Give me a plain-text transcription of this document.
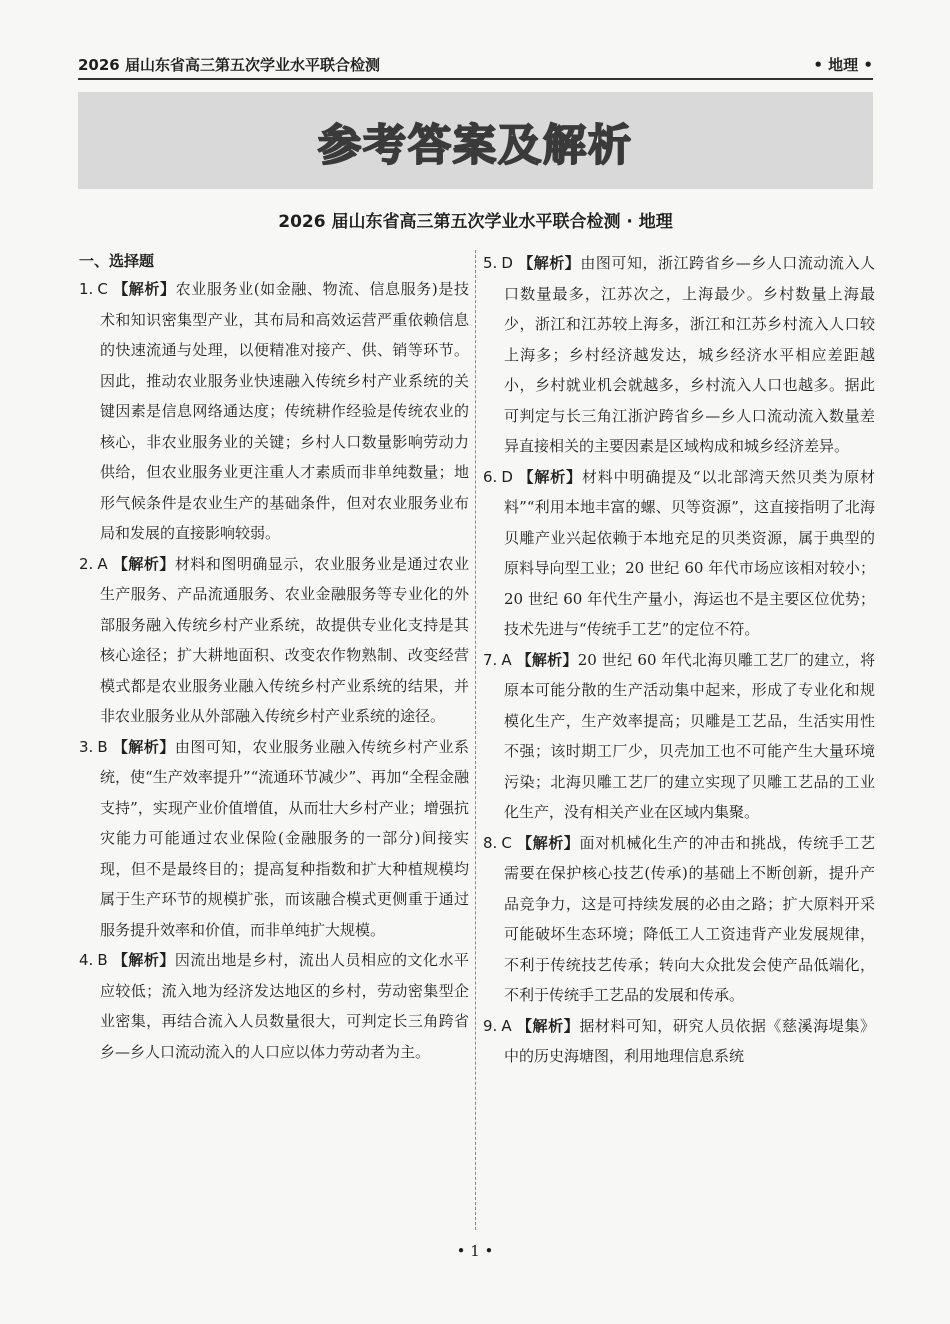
2026 届山东省高三第五次学业水平联合检测	• 地理 •
参考答案及解析
2026 届山东省高三第五次学业水平联合检测 · 地理
一、选择题
1. C 【解析】农业服务业(如金融、物流、信息服务)是技术和知识密集型产业，其布局和高效运营严重依赖信息的快速流通与处理，以便精准对接产、供、销等环节。因此，推动农业服务业快速融入传统乡村产业系统的关键因素是信息网络通达度；传统耕作经验是传统农业的核心，非农业服务业的关键；乡村人口数量影响劳动力供给，但农业服务业更注重人才素质而非单纯数量；地形气候条件是农业生产的基础条件，但对农业服务业布局和发展的直接影响较弱。
2. A 【解析】材料和图明确显示，农业服务业是通过农业生产服务、产品流通服务、农业金融服务等专业化的外部服务融入传统乡村产业系统，故提供专业化支持是其核心途径；扩大耕地面积、改变农作物熟制、改变经营模式都是农业服务业融入传统乡村产业系统的结果，并非农业服务业从外部融入传统乡村产业系统的途径。
3. B 【解析】由图可知，农业服务业融入传统乡村产业系统，使“生产效率提升”“流通环节减少”、再加“全程金融支持”，实现产业价值增值，从而壮大乡村产业；增强抗灾能力可能通过农业保险(金融服务的一部分)间接实现，但不是最终目的；提高复种指数和扩大种植规模均属于生产环节的规模扩张，而该融合模式更侧重于通过服务提升效率和价值，而非单纯扩大规模。
4. B 【解析】因流出地是乡村，流出人员相应的文化水平应较低；流入地为经济发达地区的乡村，劳动密集型企业密集，再结合流入人员数量很大，可判定长三角跨省乡—乡人口流动流入的人口应以体力劳动者为主。
5. D 【解析】由图可知，浙江跨省乡—乡人口流动流入人口数量最多，江苏次之，上海最少。乡村数量上海最少，浙江和江苏较上海多，浙江和江苏乡村流入人口较上海多；乡村经济越发达，城乡经济水平相应差距越小，乡村就业机会就越多，乡村流入人口也越多。据此可判定与长三角江浙沪跨省乡—乡人口流动流入数量差异直接相关的主要因素是区域构成和城乡经济差异。
6. D 【解析】材料中明确提及“以北部湾天然贝类为原材料”“利用本地丰富的螺、贝等资源”，这直接指明了北海贝雕产业兴起依赖于本地充足的贝类资源，属于典型的原料导向型工业；20 世纪 60 年代市场应该相对较小；20 世纪 60 年代生产量小，海运也不是主要区位优势；技术先进与“传统手工艺”的定位不符。
7. A 【解析】20 世纪 60 年代北海贝雕工艺厂的建立，将原本可能分散的生产活动集中起来，形成了专业化和规模化生产，生产效率提高；贝雕是工艺品，生活实用性不强；该时期工厂少，贝壳加工也不可能产生大量环境污染；北海贝雕工艺厂的建立实现了贝雕工艺品的工业化生产，没有相关产业在区域内集聚。
8. C 【解析】面对机械化生产的冲击和挑战，传统手工艺需要在保护核心技艺(传承)的基础上不断创新，提升产品竞争力，这是可持续发展的必由之路；扩大原料开采可能破坏生态环境；降低工人工资违背产业发展规律，不利于传统技艺传承；转向大众批发会使产品低端化，不利于传统手工艺品的发展和传承。
9. A 【解析】据材料可知，研究人员依据《慈溪海堤集》中的历史海塘图，利用地理信息系统
• 1 •
